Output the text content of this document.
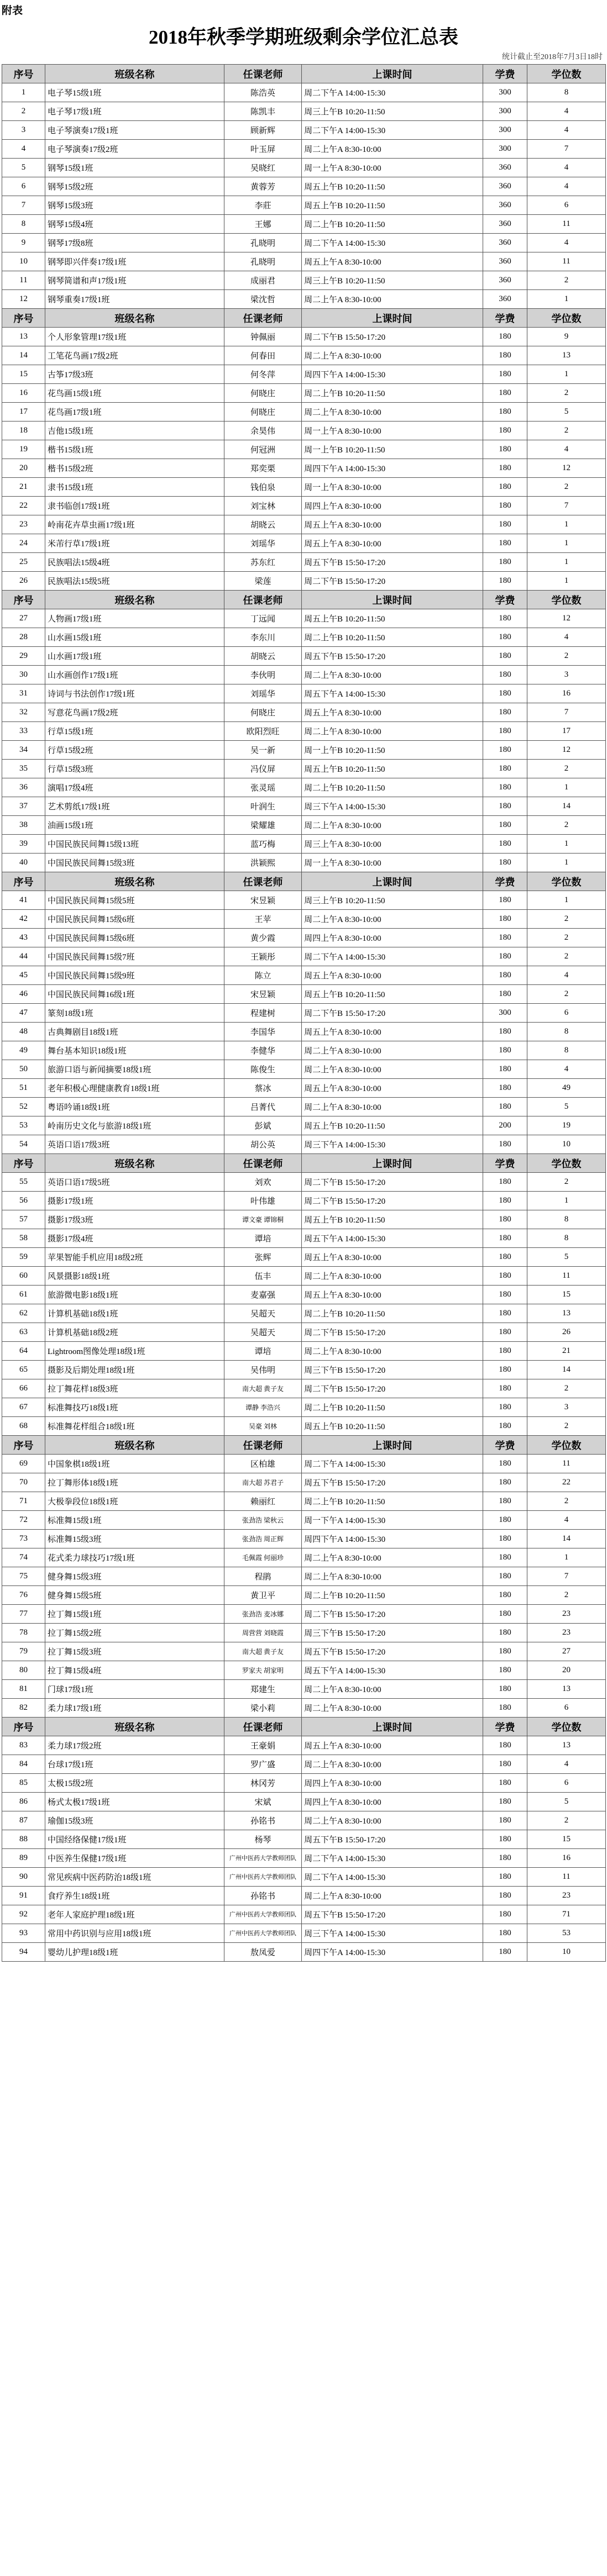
附表
2018年秋季学期班级剩余学位汇总表
统计截止至2018年7月3日18时
序号	班级名称	任课老师	上课时间	学费	学位数
1	电子琴15级1班	陈浩英	周二下午A 14:00-15:30	300	8
2	电子琴17级1班	陈凯丰	周三上午B 10:20-11:50	300	4
3	电子琴演奏17级1班	顾新辉	周二下午A 14:00-15:30	300	4
4	电子琴演奏17级2班	叶玉屏	周二上午A 8:30-10:00	300	7
5	钢琴15级1班	吴晓红	周一上午A 8:30-10:00	360	4
6	钢琴15级2班	黄蓉芳	周五上午B 10:20-11:50	360	4
7	钢琴15级3班	李莊	周五上午B 10:20-11:50	360	6
8	钢琴15级4班	王娜	周二上午B 10:20-11:50	360	11
9	钢琴17级8班	孔晓明	周二下午A 14:00-15:30	360	4
10	钢琴即兴伴奏17级1班	孔晓明	周五上午A 8:30-10:00	360	11
11	钢琴简谱和声17级1班	成丽君	周三上午B 10:20-11:50	360	2
12	钢琴重奏17级1班	梁沈哲	周二上午A 8:30-10:00	360	1
序号	班级名称	任课老师	上课时间	学费	学位数
13	个人形象管理17级1班	钟佩丽	周二下午B 15:50-17:20	180	9
14	工笔花鸟画17级2班	何春田	周二上午A 8:30-10:00	180	13
15	古筝17级3班	何冬萍	周四下午A 14:00-15:30	180	1
16	花鸟画15级1班	何晓庄	周二上午B 10:20-11:50	180	2
17	花鸟画17级1班	何晓庄	周二上午A 8:30-10:00	180	5
18	吉他15级1班	余昊伟	周一上午A 8:30-10:00	180	2
19	楷书15级1班	何冠洲	周一上午B 10:20-11:50	180	4
20	楷书15级2班	郑奕栗	周四下午A 14:00-15:30	180	12
21	隶书15级1班	钱伯泉	周一上午A 8:30-10:00	180	2
22	隶书临创17级1班	刘宝林	周四上午A 8:30-10:00	180	7
23	岭南花卉草虫画17级1班	胡晓云	周五上午A 8:30-10:00	180	1
24	米芾行草17级1班	刘瑶华	周五上午A 8:30-10:00	180	1
25	民族唱法15级4班	苏东红	周五下午B 15:50-17:20	180	1
26	民族唱法15级5班	梁莲	周二下午B 15:50-17:20	180	1
序号	班级名称	任课老师	上课时间	学费	学位数
27	人物画17级1班	丁远闻	周五上午B 10:20-11:50	180	12
28	山水画15级1班	李东川	周二上午B 10:20-11:50	180	4
29	山水画17级1班	胡晓云	周五下午B 15:50-17:20	180	2
30	山水画创作17级1班	李伙明	周二上午A 8:30-10:00	180	3
31	诗词与书法创作17级1班	刘瑶华	周五下午A 14:00-15:30	180	16
32	写意花鸟画17级2班	何晓庄	周五上午A 8:30-10:00	180	7
33	行草15级1班	欧阳烈旺	周二上午A 8:30-10:00	180	17
34	行草15级2班	吴一新	周一上午B 10:20-11:50	180	12
35	行草15级3班	冯仪屏	周五上午B 10:20-11:50	180	2
36	演唱17级4班	张灵瑶	周二上午B 10:20-11:50	180	1
37	艺术剪纸17级1班	叶润生	周三下午A 14:00-15:30	180	14
38	油画15级1班	梁耀雄	周二上午A 8:30-10:00	180	2
39	中国民族民间舞15级13班	蓝巧梅	周三上午A 8:30-10:00	180	1
40	中国民族民间舞15级3班	洪颖熙	周一上午A 8:30-10:00	180	1
序号	班级名称	任课老师	上课时间	学费	学位数
41	中国民族民间舞15级5班	宋昱颖	周三上午B 10:20-11:50	180	1
42	中国民族民间舞15级6班	王苹	周二上午A 8:30-10:00	180	2
43	中国民族民间舞15级6班	黄少霞	周四上午A 8:30-10:00	180	2
44	中国民族民间舞15级7班	王颖彤	周二下午A 14:00-15:30	180	2
45	中国民族民间舞15级9班	陈立	周五上午A 8:30-10:00	180	4
46	中国民族民间舞16级1班	宋昱颖	周五上午B 10:20-11:50	180	2
47	篆刻18级1班	程建树	周二下午B 15:50-17:20	300	6
48	古典舞剧目18级1班	李国华	周五上午A 8:30-10:00	180	8
49	舞台基本知识18级1班	李健华	周二上午A 8:30-10:00	180	8
50	旅游口语与新闻摘要18级1班	陈俊生	周二上午A 8:30-10:00	180	4
51	老年积极心理健康教育18级1班	蔡冰	周五上午A 8:30-10:00	180	49
52	粤语吟诵18级1班	吕菁代	周二上午A 8:30-10:00	180	5
53	岭南历史文化与旅游18级1班	彭斌	周五上午B 10:20-11:50	200	19
54	英语口语17级3班	胡公英	周三下午A 14:00-15:30	180	10
序号	班级名称	任课老师	上课时间	学费	学位数
55	英语口语17级5班	刘欢	周二下午B 15:50-17:20	180	2
56	摄影17级1班	叶伟雄	周二下午B 15:50-17:20	180	1
57	摄影17级3班	谭文豪 谭锦桐	周五上午B 10:20-11:50	180	8
58	摄影17级4班	谭培	周五下午A 14:00-15:30	180	8
59	苹果智能手机应用18级2班	张辉	周五上午A 8:30-10:00	180	5
60	风景摄影18级1班	伍丰	周二上午A 8:30-10:00	180	11
61	旅游微电影18级1班	麦嘉强	周五上午A 8:30-10:00	180	15
62	计算机基础18级1班	吴超天	周二上午B 10:20-11:50	180	13
63	计算机基础18级2班	吴超天	周二下午B 15:50-17:20	180	26
64	Lightroom图像处理18级1班	谭培	周二上午A 8:30-10:00	180	21
65	摄影及后期处理18级1班	吴伟明	周三下午B 15:50-17:20	180	14
66	拉丁舞花样18级3班	南大超 黄子友	周二下午B 15:50-17:20	180	2
67	标准舞技巧18级1班	谭静 李浩兴	周二上午B 10:20-11:50	180	3
68	标准舞花样组合18级1班	吴豪 刘林	周五上午B 10:20-11:50	180	2
序号	班级名称	任课老师	上课时间	学费	学位数
69	中国象棋18级1班	区柏雄	周二下午A 14:00-15:30	180	11
70	拉丁舞形体18级1班	南大超 苏君子	周五下午B 15:50-17:20	180	22
71	大极拳段位18级1班	赖丽红	周二上午B 10:20-11:50	180	2
72	标准舞15级1班	张劲浩 梁秋云	周一下午A 14:00-15:30	180	4
73	标准舞15级3班	张劲浩 周正辉	周四下午A 14:00-15:30	180	14
74	花式柔力球技巧17级1班	毛佩霞 何丽珍	周二上午A 8:30-10:00	180	1
75	健身舞15级3班	程鹃	周二上午A 8:30-10:00	180	7
76	健身舞15级5班	黄卫平	周二上午B 10:20-11:50	180	2
77	拉丁舞15级1班	张劲浩 麦冰娜	周二下午B 15:50-17:20	180	23
78	拉丁舞15级2班	周营营 刘晓霞	周三下午B 15:50-17:20	180	23
79	拉丁舞15级3班	南大超 黄子友	周五下午B 15:50-17:20	180	27
80	拉丁舞15级4班	罗家夫 胡家明	周五下午A 14:00-15:30	180	20
81	门球17级1班	郑建生	周二上午A 8:30-10:00	180	13
82	柔力球17级1班	梁小莉	周二上午A 8:30-10:00	180	6
序号	班级名称	任课老师	上课时间	学费	学位数
83	柔力球17级2班	王豪娟	周五上午A 8:30-10:00	180	13
84	台球17级1班	罗广盛	周二上午A 8:30-10:00	180	4
85	太极15级2班	林冈芳	周四上午A 8:30-10:00	180	6
86	杨式太极17级1班	宋斌	周四上午A 8:30-10:00	180	5
87	瑜伽15级3班	孙铭书	周二上午A 8:30-10:00	180	2
88	中国经络保健17级1班	杨琴	周五下午B 15:50-17:20	180	15
89	中医养生保健17级1班	广州中医药大学教师团队	周二下午A 14:00-15:30	180	16
90	常见疾病中医药防治18级1班	广州中医药大学教师团队	周二下午A 14:00-15:30	180	11
91	食疗养生18级1班	孙铭书	周二上午A 8:30-10:00	180	23
92	老年人家庭护理18级1班	广州中医药大学教师团队	周五下午B 15:50-17:20	180	71
93	常用中药识别与应用18级1班	广州中医药大学教师团队	周三下午A 14:00-15:30	180	53
94	婴幼儿护理18级1班	敖凤爱	周四下午A 14:00-15:30	180	10
